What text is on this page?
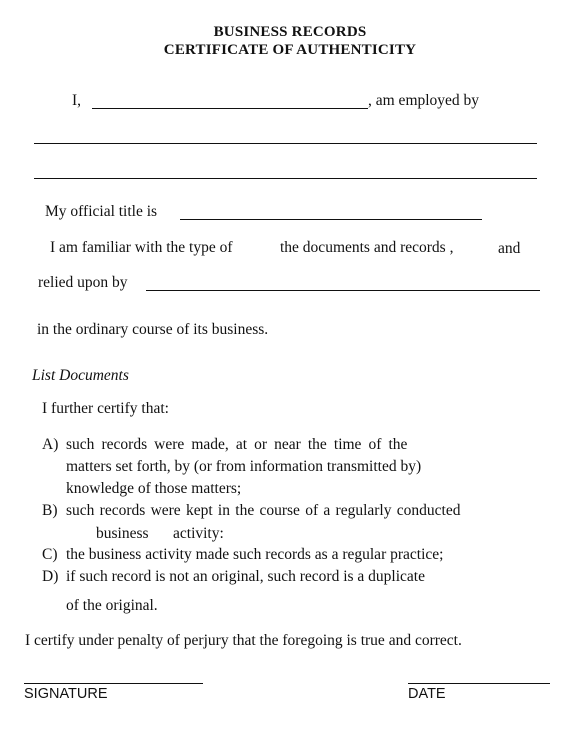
BUSINESS RECORDS
CERTIFICATE OF AUTHENTICITY
I,	, am employed by
My official title is
I am familiar with the type of	the documents and records ,	and
relied upon by
in the ordinary course of its business.
List Documents
I further certify that:
A) such records were made, at or near the time of the
matters set forth, by (or from information transmitted by)
knowledge of those matters;
B) such records were kept in the course of a regularly conducted
business activity:
C) the business activity made such records as a regular practice;
D) if such record is not an original, such record is a duplicate
of the original.
I certify under penalty of perjury that the foregoing is true and correct.
SIGNATURE	DATE
